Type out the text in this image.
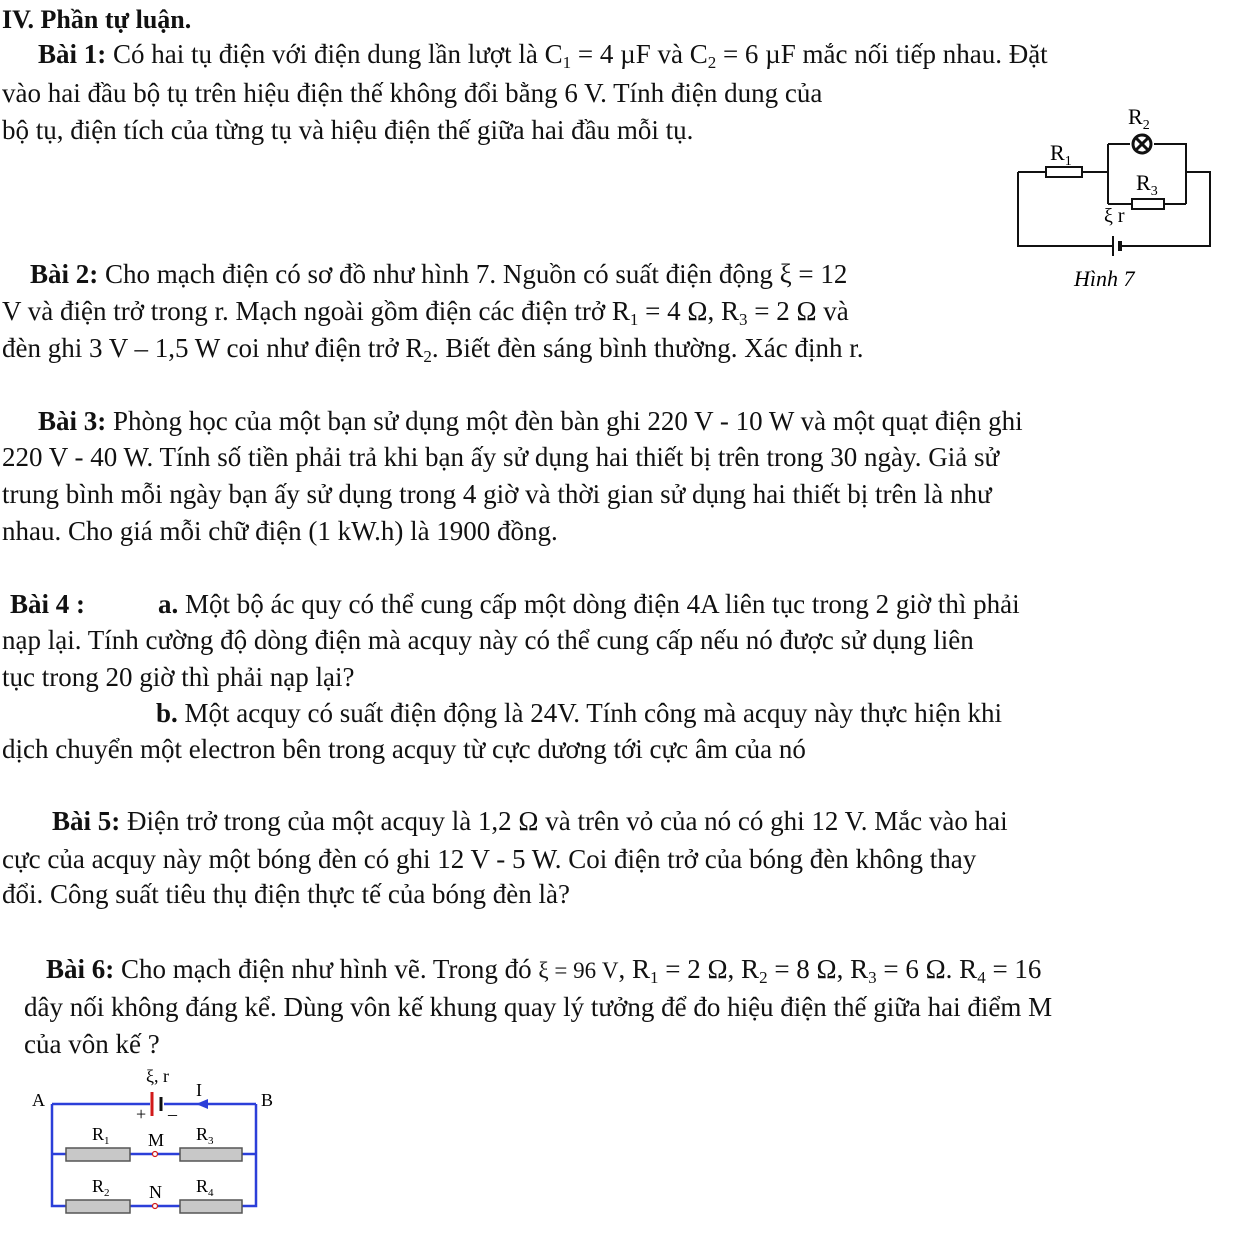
IV. Phần tự luận.
Bài 1: Có hai tụ điện với điện dung lần lượt là $C_1 = 4$ µF và $C_2 = 6$ µF mắc nối tiếp nhau. Đặt
vào hai đầu bộ tụ trên hiệu điện thế không đổi bằng 6 V. Tính điện dung của
bộ tụ, điện tích của từng tụ và hiệu điện thế giữa hai đầu mỗi tụ.	$R_2$
$R_1$
$R_3$
ξ r
Hình 7
Bài 2: Cho mạch điện có sơ đồ như hình 7. Nguồn có suất điện động ξ = 12
V và điện trở trong r. Mạch ngoài gồm điện các điện trở $R_1 = 4$ Ω, $R_3 = 2$ Ω và
đèn ghi 3 V – 1,5 W coi như điện trở $R_2$. Biết đèn sáng bình thường. Xác định r.
Bài 3: Phòng học của một bạn sử dụng một đèn bàn ghi 220 V - 10 W và một quạt điện ghi
220 V - 40 W. Tính số tiền phải trả khi bạn ấy sử dụng hai thiết bị trên trong 30 ngày. Giả sử
trung bình mỗi ngày bạn ấy sử dụng trong 4 giờ và thời gian sử dụng hai thiết bị trên là như
nhau. Cho giá mỗi chữ điện (1 kW.h) là 1900 đồng.
Bài 4 :	a. Một bộ ác quy có thể cung cấp một dòng điện 4A liên tục trong 2 giờ thì phải
nạp lại. Tính cường độ dòng điện mà acquy này có thể cung cấp nếu nó được sử dụng liên
tục trong 20 giờ thì phải nạp lại?
b. Một acquy có suất điện động là 24V. Tính công mà acquy này thực hiện khi
dịch chuyển một electron bên trong acquy từ cực dương tới cực âm của nó
Bài 5: Điện trở trong của một acquy là 1,2 Ω và trên vỏ của nó có ghi 12 V. Mắc vào hai
cực của acquy này một bóng đèn có ghi 12 V - 5 W. Coi điện trở của bóng đèn không thay
đổi. Công suất tiêu thụ điện thực tế của bóng đèn là?
Bài 6: Cho mạch điện như hình vẽ. Trong đó ξ = 96 V, $R_1 = 2$ Ω, $R_2 = 8$ Ω, $R_3 = 6$ Ω. $R_4 = 16$
dây nối không đáng kể. Dùng vôn kế khung quay lý tưởng để đo hiệu điện thế giữa hai điểm M
của vôn kế ?
ξ, r
A	B
I
+ –
$R_1$	$R_3$
M
$R_2$	$R_4$
N
